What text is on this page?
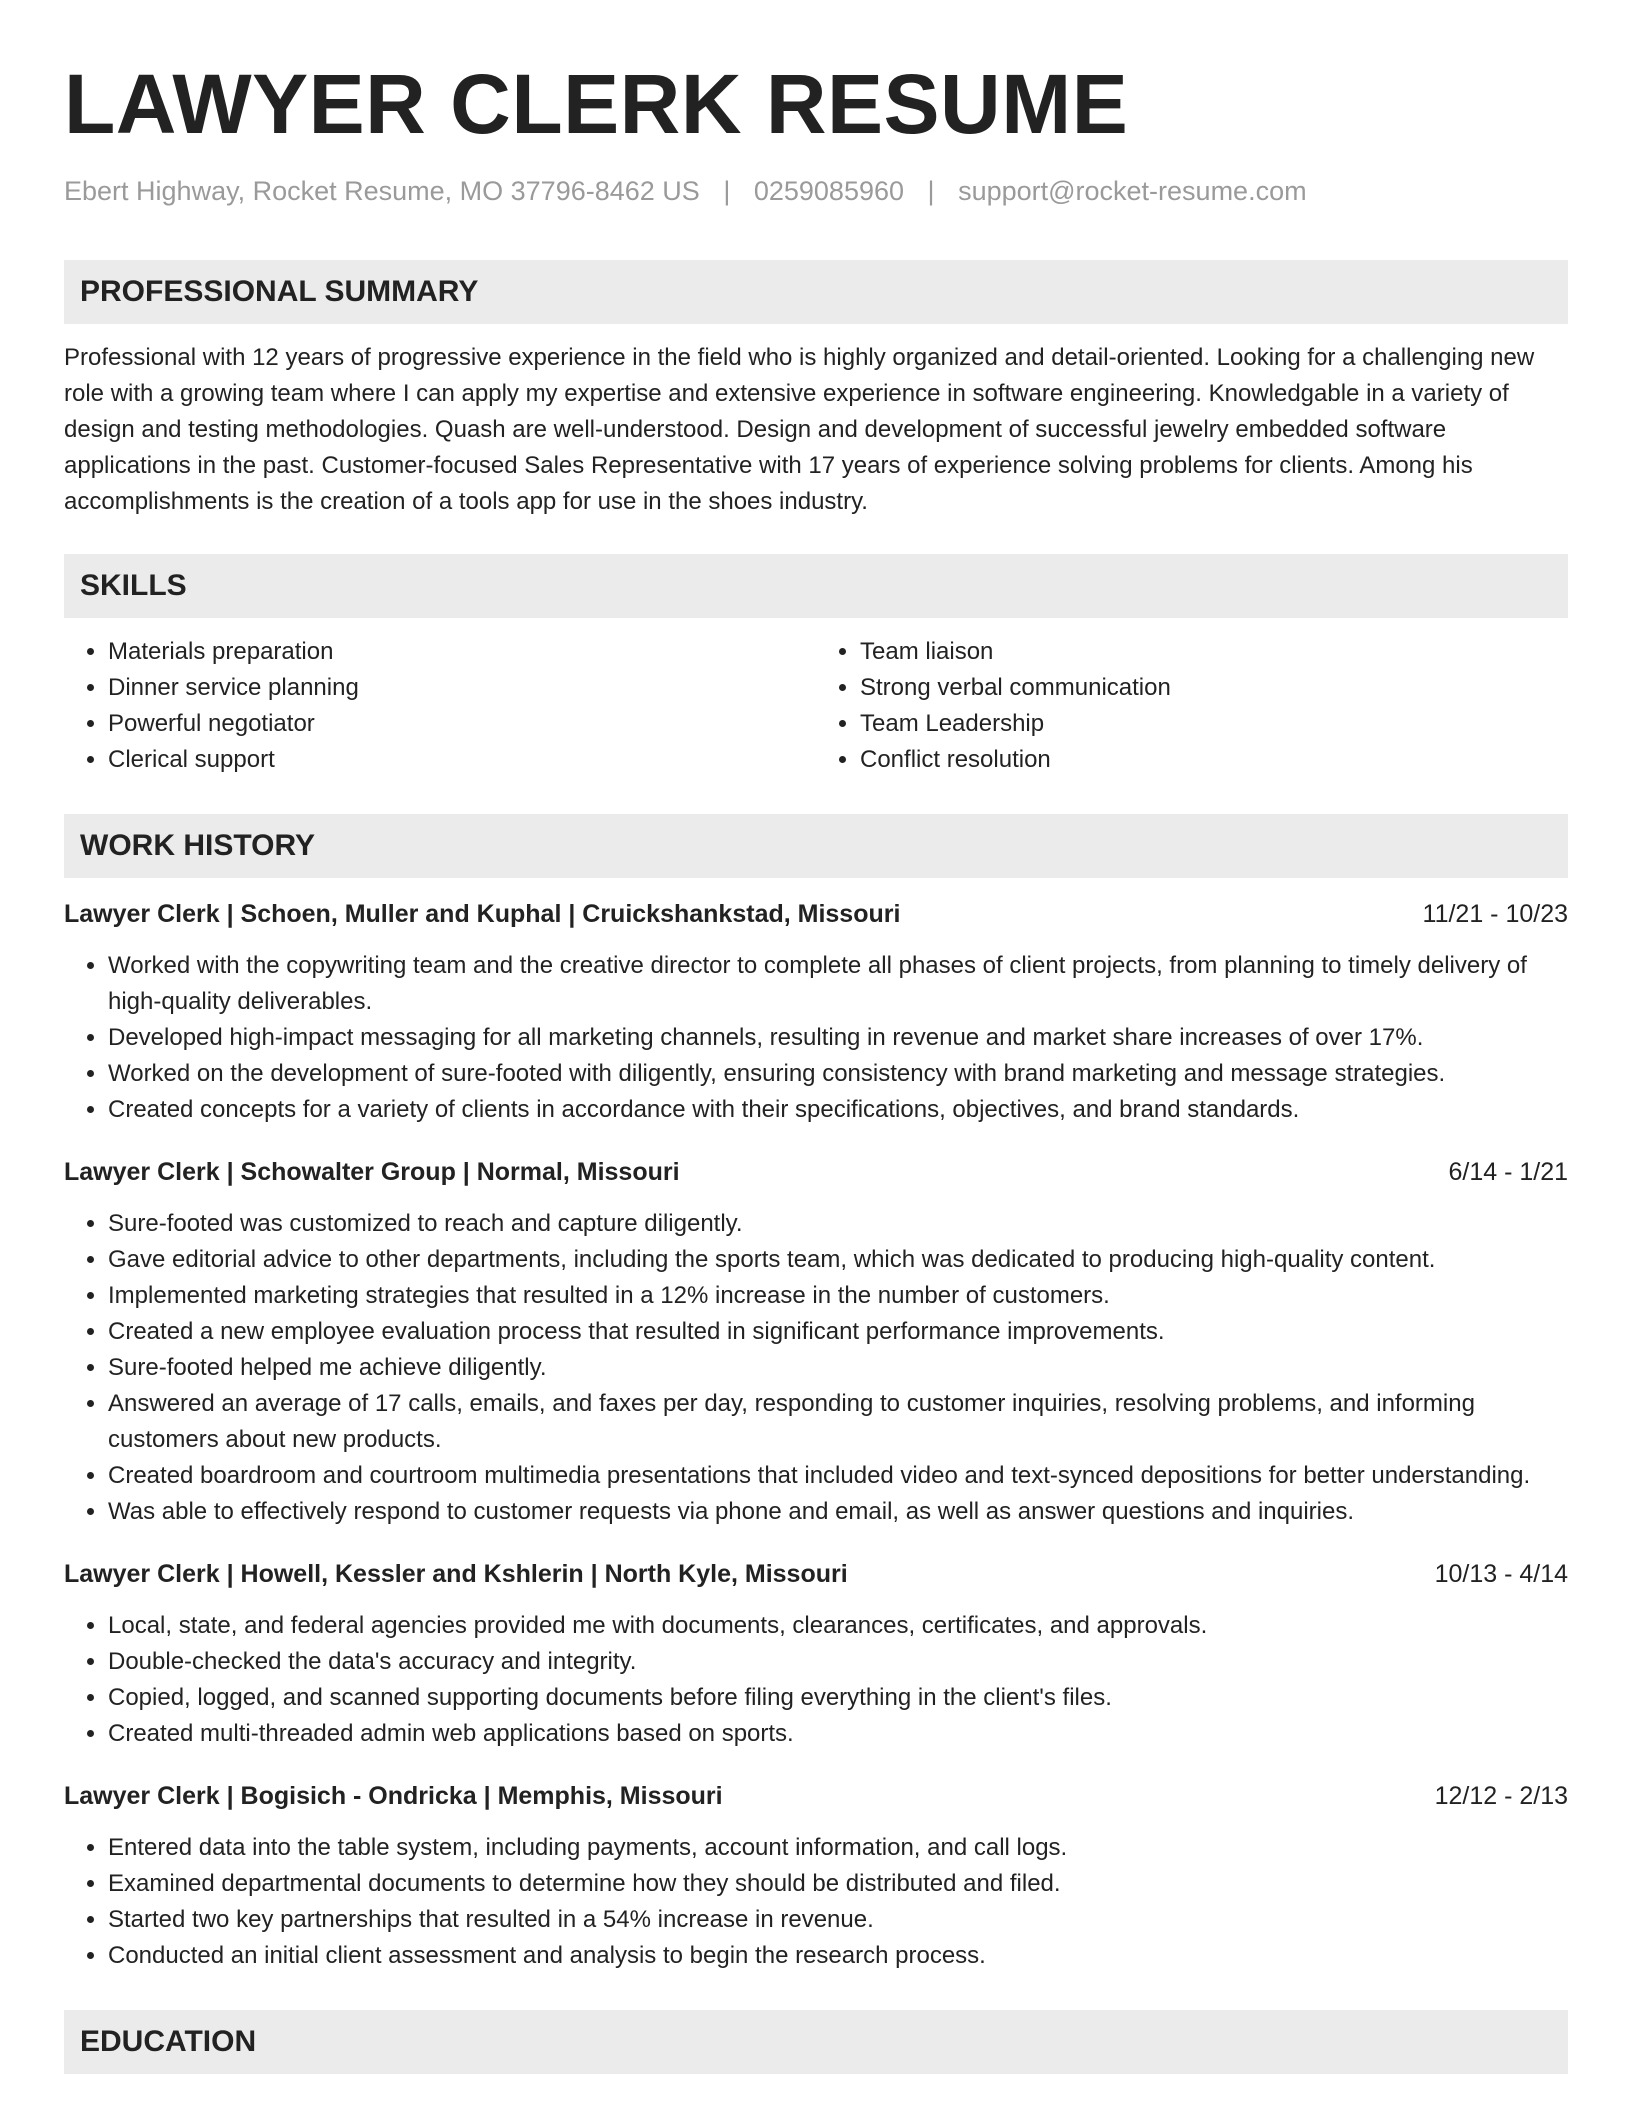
LAWYER CLERK RESUME
Ebert Highway, Rocket Resume, MO 37796-8462 US | 0259085960 | support@rocket-resume.com
PROFESSIONAL SUMMARY

Professional with 12 years of progressive experience in the field who is highly organized and detail-oriented. Looking for a challenging new role with a growing team where I can apply my expertise and extensive experience in software engineering. Knowledgable in a variety of design and testing methodologies. Quash are well-understood. Design and development of successful jewelry embedded software applications in the past. Customer-focused Sales Representative with 17 years of experience solving problems for clients. Among his accomplishments is the creation of a tools app for use in the shoes industry.

SKILLS
• Materials preparation
• Dinner service planning
• Powerful negotiator
• Clerical support
• Team liaison
• Strong verbal communication
• Team Leadership
• Conflict resolution
WORK HISTORY
Lawyer Clerk | Schoen, Muller and Kuphal | Cruickshankstad, Missouri	11/21 - 10/23
• Worked with the copywriting team and the creative director to complete all phases of client projects, from planning to timely delivery of high-quality deliverables.
• Developed high-impact messaging for all marketing channels, resulting in revenue and market share increases of over 17%.
• Worked on the development of sure-footed with diligently, ensuring consistency with brand marketing and message strategies.
• Created concepts for a variety of clients in accordance with their specifications, objectives, and brand standards.
Lawyer Clerk | Schowalter Group | Normal, Missouri	6/14 - 1/21
• Sure-footed was customized to reach and capture diligently.
• Gave editorial advice to other departments, including the sports team, which was dedicated to producing high-quality content.
• Implemented marketing strategies that resulted in a 12% increase in the number of customers.
• Created a new employee evaluation process that resulted in significant performance improvements.
• Sure-footed helped me achieve diligently.
• Answered an average of 17 calls, emails, and faxes per day, responding to customer inquiries, resolving problems, and informing customers about new products.
• Created boardroom and courtroom multimedia presentations that included video and text-synced depositions for better understanding.
• Was able to effectively respond to customer requests via phone and email, as well as answer questions and inquiries.
Lawyer Clerk | Howell, Kessler and Kshlerin | North Kyle, Missouri	10/13 - 4/14
• Local, state, and federal agencies provided me with documents, clearances, certificates, and approvals.
• Double-checked the data's accuracy and integrity.
• Copied, logged, and scanned supporting documents before filing everything in the client's files.
• Created multi-threaded admin web applications based on sports.
Lawyer Clerk | Bogisich - Ondricka | Memphis, Missouri	12/12 - 2/13
• Entered data into the table system, including payments, account information, and call logs.
• Examined departmental documents to determine how they should be distributed and filed.
• Started two key partnerships that resulted in a 54% increase in revenue.
• Conducted an initial client assessment and analysis to begin the research process.
EDUCATION
